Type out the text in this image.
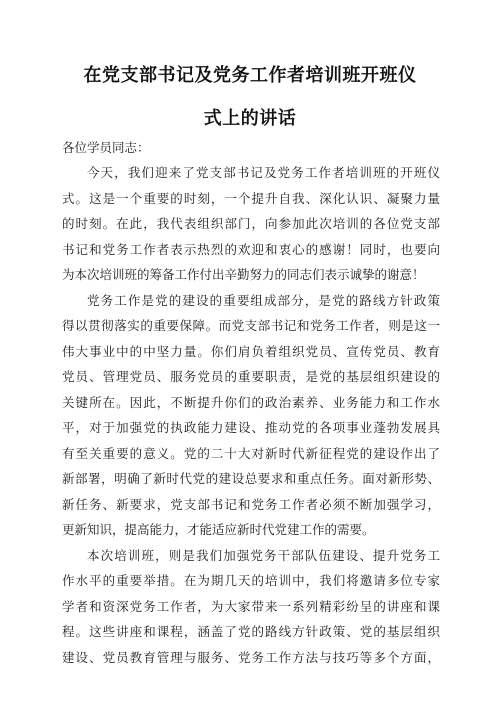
在党支部书记及党务工作者培训班开班仪
式上的讲话
各位学员同志：
今天，我们迎来了党支部书记及党务工作者培训班的开班仪
式。这是一个重要的时刻，一个提升自我、深化认识、凝聚力量
的时刻。在此，我代表组织部门，向参加此次培训的各位党支部
书记和党务工作者表示热烈的欢迎和衷心的感谢！同时，也要向
为本次培训班的筹备工作付出辛勤努力的同志们表示诚挚的谢意！
党务工作是党的建设的重要组成部分，是党的路线方针政策
得以贯彻落实的重要保障。而党支部书记和党务工作者，则是这一
伟大事业中的中坚力量。你们肩负着组织党员、宣传党员、教育
党员、管理党员、服务党员的重要职责，是党的基层组织建设的
关键所在。因此，不断提升你们的政治素养、业务能力和工作水
平，对于加强党的执政能力建设、推动党的各项事业蓬勃发展具
有至关重要的意义。党的二十大对新时代新征程党的建设作出了
新部署，明确了新时代党的建设总要求和重点任务。面对新形势、
新任务、新要求，党支部书记和党务工作者必须不断加强学习，
更新知识，提高能力，才能适应新时代党建工作的需要。
本次培训班，则是我们加强党务干部队伍建设、提升党务工
作水平的重要举措。在为期几天的培训中，我们将邀请多位专家
学者和资深党务工作者，为大家带来一系列精彩纷呈的讲座和课
程。这些讲座和课程，涵盖了党的路线方针政策、党的基层组织
建设、党员教育管理与服务、党务工作方法与技巧等多个方面，
